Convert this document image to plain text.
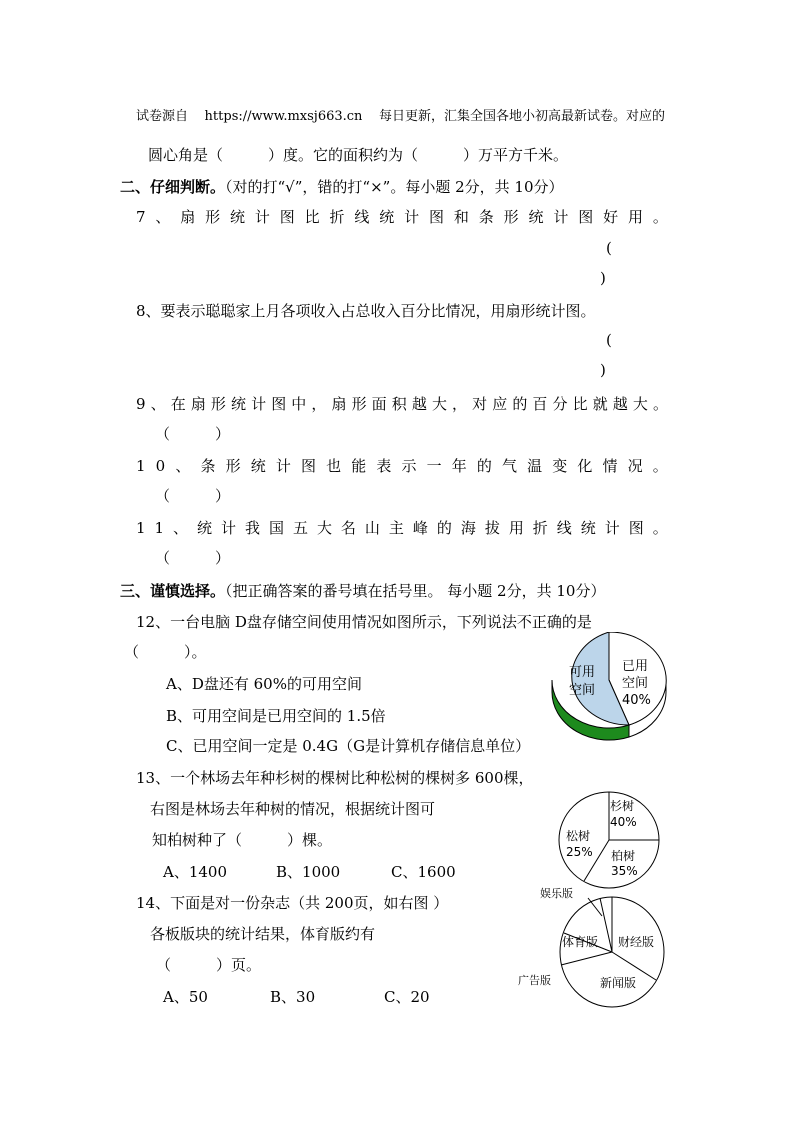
试卷源自 https://www.mxsj663.cn 每日更新，汇集全国各地小初高最新试卷。对应的
圆心角是（　　　）度。它的面积约为（　　　）万平方千米。
二、仔细判断。（对的打“√”，错的打“×”。每小题 2分，共 10分）
7 、 扇 形 统 计 图 比 折 线 统 计 图 和 条 形 统 计 图 好 用 。
(
)
8、要表示聪聪家上月各项收入占总收入百分比情况，用扇形统计图。
(
)
9 、 在 扇 形 统 计 图 中 ， 扇 形 面 积 越 大 ， 对 应 的 百 分 比 就 越 大 。
（　　　）
1 0 、 条 形 统 计 图 也 能 表 示 一 年 的 气 温 变 化 情 况 。
（　　　）
1 1 、 统 计 我 国 五 大 名 山 主 峰 的 海 拔 用 折 线 统 计 图 。
（　　　）
三、谨慎选择。（把正确答案的番号填在括号里。 每小题 2分，共 10分）
12、一台电脑 D盘存储空间使用情况如图所示，下列说法不正确的是
（　　　）。
A、D盘还有 60%的可用空间
B、可用空间是已用空间的 1.5倍
C、已用空间一定是 0.4G（G是计算机存储信息单位）
13、一个林场去年种杉树的棵树比种松树的棵树多 600棵，
右图是林场去年种树的情况，根据统计图可
知柏树种了（　　　）棵。
A、1400	B、1000	C、1600
14、下面是对一份杂志（共 200页，如右图 ）
各板版块的统计结果，体育版约有
（　　　）页。
A、50	B、30	C、20
可用
空间
已用
空间
40%
杉树
40%
松树
25% 柏树
35%
娱乐版
体育版 财经版
广告版	新闻版
